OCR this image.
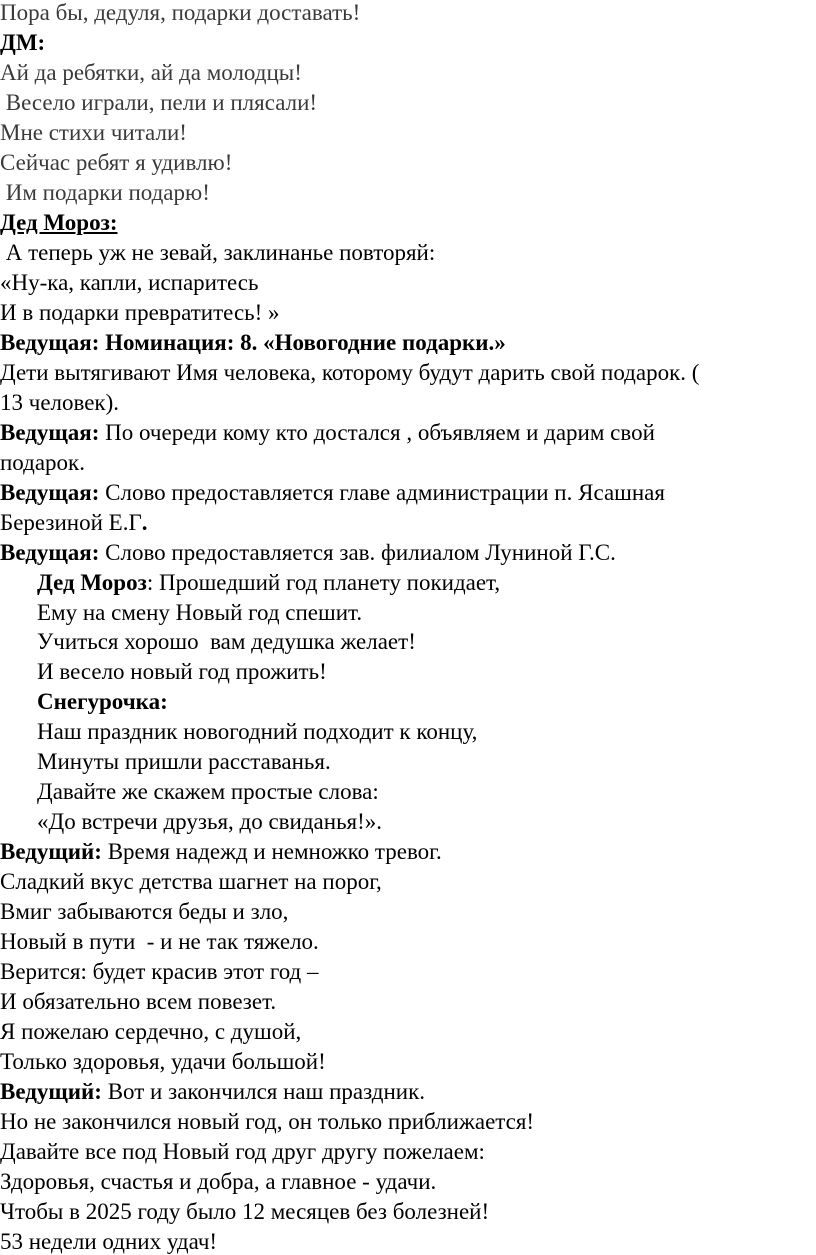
Пора бы, дедуля, подарки доставать!
ДМ:
Ай да ребятки, ай да молодцы!
Весело играли, пели и плясали!
Мне стихи читали!
Сейчас ребят я удивлю!
Им подарки подарю!
Дед Мороз:
А теперь уж не зевай, заклинанье повторяй:
«Ну-ка, капли, испаритесь
И в подарки превратитесь! »
Ведущая: Номинация: 8. «Новогодние подарки.»
Дети вытягивают Имя человека, которому будут дарить свой подарок. (
13 человек).
Ведущая: По очереди кому кто достался , объявляем и дарим свой
подарок.
Ведущая: Слово предоставляется главе администрации п. Ясашная
Березиной Е.Г.
Ведущая: Слово предоставляется зав. филиалом Луниной Г.С.
Дед Мороз: Прошедший год планету покидает,
Ему на смену Новый год спешит.
Учиться хорошо  вам дедушка желает!
И весело новый год прожить!
Снегурочка:
Наш праздник новогодний подходит к концу,
Минуты пришли расставанья.
Давайте же скажем простые слова:
«До встречи друзья, до свиданья!».
Ведущий: Время надежд и немножко тревог.
Сладкий вкус детства шагнет на порог,
Вмиг забываются беды и зло,
Новый в пути  - и не так тяжело.
Верится: будет красив этот год –
И обязательно всем повезет.
Я пожелаю сердечно, с душой,
Только здоровья, удачи большой!
Ведущий: Вот и закончился наш праздник.
Но не закончился новый год, он только приближается!
Давайте все под Новый год друг другу пожелаем:
Здоровья, счастья и добра, а главное - удачи.
Чтобы в 2025 году было 12 месяцев без болезней!
53 недели одних удач!
